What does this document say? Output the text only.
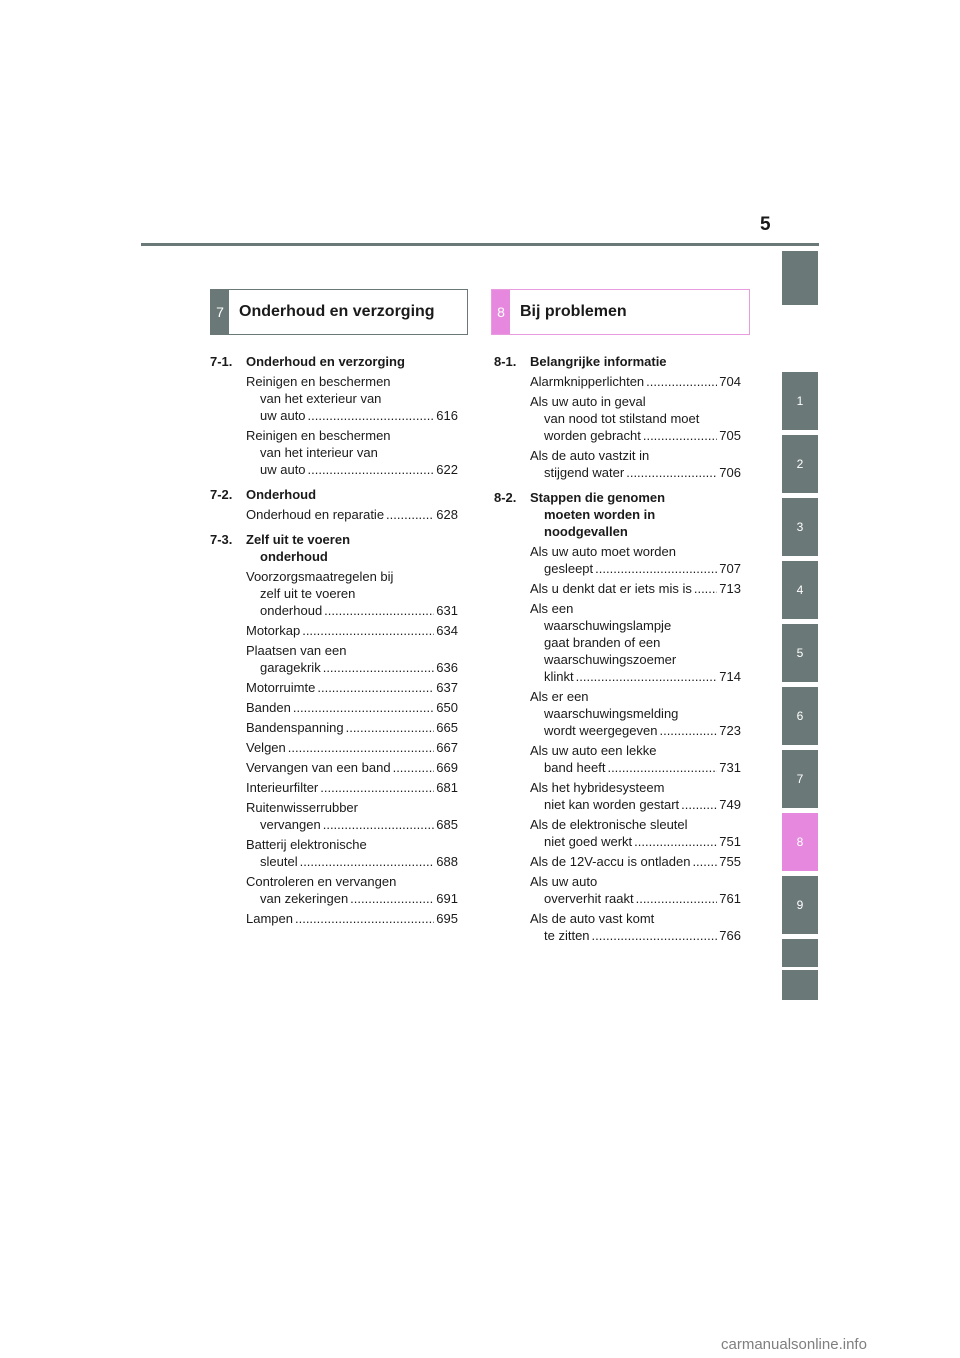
5
7 Onderhoud en verzorging	8 Bij problemen
7-1.	Onderhoud en verzorging
Reinigen en beschermen
van het exterieur van
uw auto .....	616
Reinigen en beschermen
van het interieur van
uw auto .....	622
7-2.	Onderhoud
Onderhoud en reparatie .....	628
7-3.	Zelf uit te voeren
onderhoud
Voorzorgsmaatregelen bij
zelf uit te voeren
onderhoud .....	631
Motorkap .....	634
Plaatsen van een
garagekrik .....	636
Motorruimte .....	637
Banden .....	650
Bandenspanning .....	665
Velgen .....	667
Vervangen van een band .....	669
Interieurfilter .....	681
Ruitenwisserrubber
vervangen .....	685
Batterij elektronische
sleutel .....	688
Controleren en vervangen
van zekeringen .....	691
Lampen .....	695
8-1.	Belangrijke informatie
Alarmknipperlichten .....	704
Als uw auto in geval
van nood tot stilstand moet
worden gebracht .....	705
Als de auto vastzit in
stijgend water .....	706
8-2.	Stappen die genomen
moeten worden in
noodgevallen
Als uw auto moet worden
gesleept .....	707
Als u denkt dat er iets mis is ..... 713
Als een
waarschuwingslampje
gaat branden of een
waarschuwingszoemer
klinkt .....	714
Als er een
waarschuwingsmelding
wordt weergegeven .....	723
Als uw auto een lekke
band heeft .....	731
Als het hybridesysteem
niet kan worden gestart .....	749
Als de elektronische sleutel
niet goed werkt .....	751
Als de 12V-accu is ontladen ..... 755
Als uw auto
oververhit raakt .....	761
Als de auto vast komt
te zitten .....	766
1
2
3
4
5
6
7
8
9
carmanualsonline.info
